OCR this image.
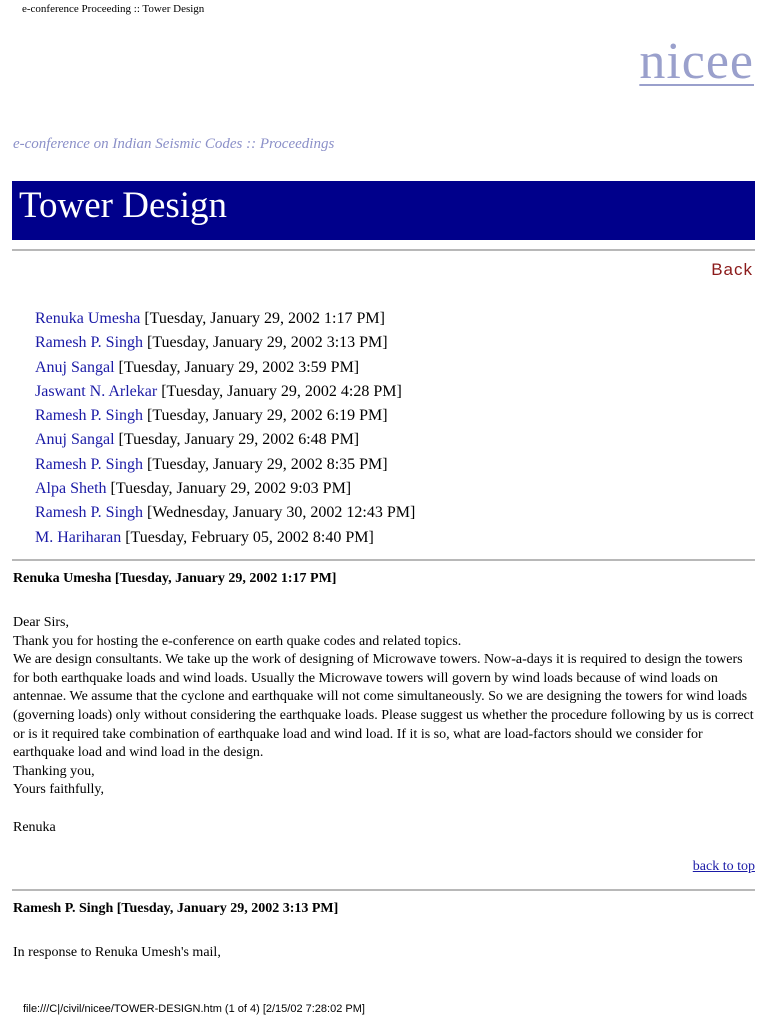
e-conference Proceeding :: Tower Design
nicee
e-conference on Indian Seismic Codes :: Proceedings
Tower Design
Back
Renuka Umesha [Tuesday, January 29, 2002 1:17 PM]
Ramesh P. Singh [Tuesday, January 29, 2002 3:13 PM]
Anuj Sangal [Tuesday, January 29, 2002 3:59 PM]
Jaswant N. Arlekar [Tuesday, January 29, 2002 4:28 PM]
Ramesh P. Singh [Tuesday, January 29, 2002 6:19 PM]
Anuj Sangal [Tuesday, January 29, 2002 6:48 PM]
Ramesh P. Singh [Tuesday, January 29, 2002 8:35 PM]
Alpa Sheth [Tuesday, January 29, 2002 9:03 PM]
Ramesh P. Singh [Wednesday, January 30, 2002 12:43 PM]
M. Hariharan [Tuesday, February 05, 2002 8:40 PM]
Renuka Umesha [Tuesday, January 29, 2002 1:17 PM]

Dear Sirs,

Thank you for hosting the e-conference on earth quake codes and related topics.

We are design consultants. We take up the work of designing of Microwave towers. Now-a-days it is required to design the towers for both earthquake loads and wind loads. Usually the Microwave towers will govern by wind loads because of wind loads on antennae. We assume that the cyclone and earthquake will not come simultaneously. So we are designing the towers for wind loads (governing loads) only without considering the earthquake loads. Please suggest us whether the procedure following by us is correct or is it required take combination of earthquake load and wind load. If it is so, what are load-factors should we consider for earthquake load and wind load in the design.

Thanking you,

Yours faithfully,

Renuka

back to top
Ramesh P. Singh [Tuesday, January 29, 2002 3:13 PM]

In response to Renuka Umesh's mail,

file:///C|/civil/nicee/TOWER-DESIGN.htm (1 of 4) [2/15/02 7:28:02 PM]
